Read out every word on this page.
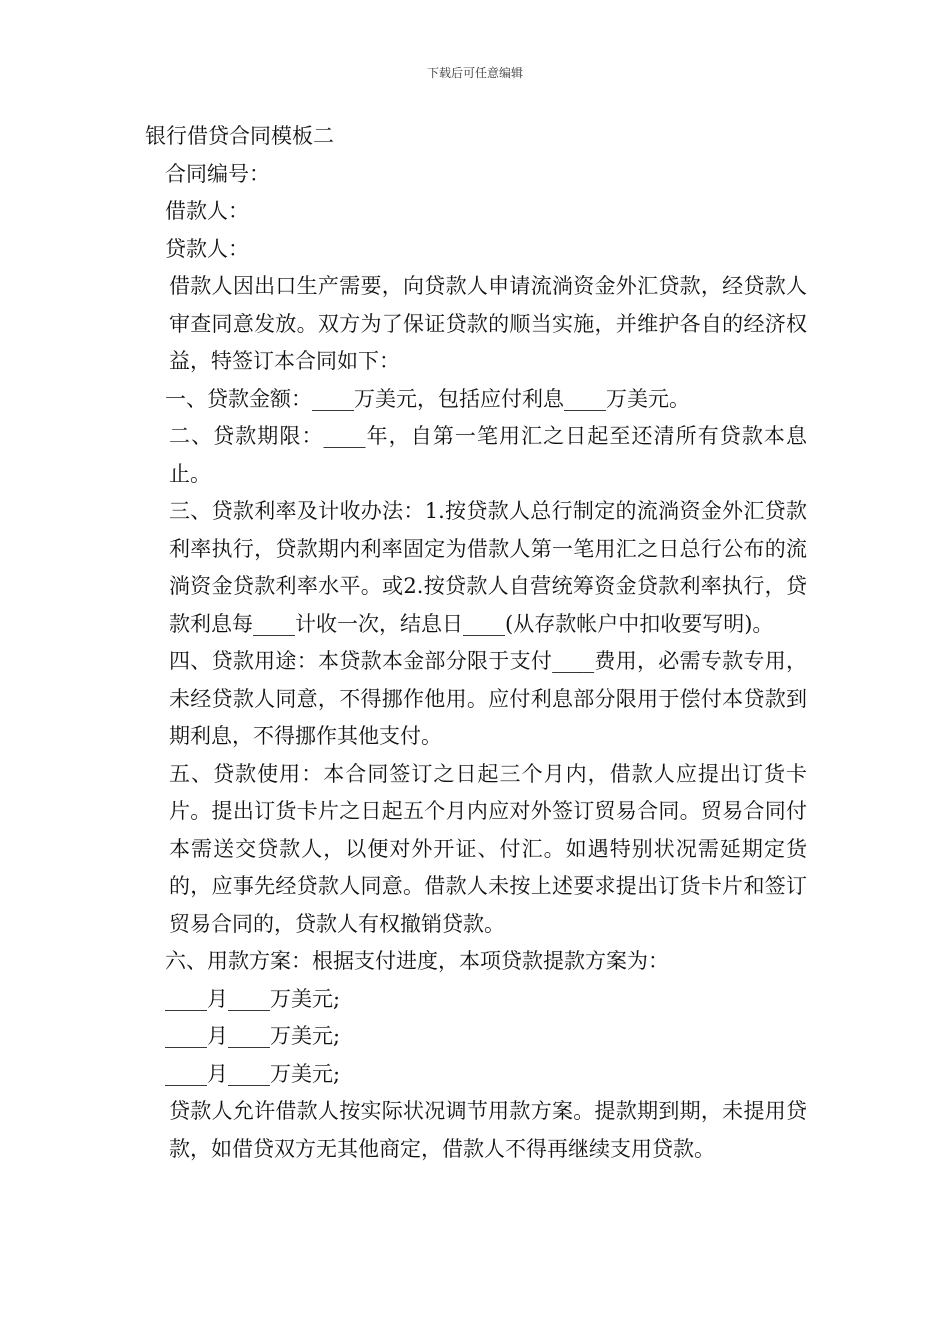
下载后可任意编辑

银行借贷合同模板二

合同编号：

借款人：

贷款人：

借款人因出口生产需要，向贷款人申请流淌资金外汇贷款，经贷款人审查同意发放。双方为了保证贷款的顺当实施，并维护各自的经济权益，特签订本合同如下：

一、贷款金额：____万美元，包括应付利息____万美元。

二、贷款期限：____年，自第一笔用汇之日起至还清所有贷款本息止。

三、贷款利率及计收办法：1.按贷款人总行制定的流淌资金外汇贷款利率执行，贷款期内利率固定为借款人第一笔用汇之日总行公布的流淌资金贷款利率水平。或2.按贷款人自营统筹资金贷款利率执行，贷款利息每____计收一次，结息日____(从存款帐户中扣收要写明)。

四、贷款用途：本贷款本金部分限于支付____费用，必需专款专用，未经贷款人同意，不得挪作他用。应付利息部分限用于偿付本贷款到期利息，不得挪作其他支付。

五、贷款使用：本合同签订之日起三个月内，借款人应提出订货卡片。提出订货卡片之日起五个月内应对外签订贸易合同。贸易合同付本需送交贷款人，以便对外开证、付汇。如遇特别状况需延期定货的，应事先经贷款人同意。借款人未按上述要求提出订货卡片和签订贸易合同的，贷款人有权撤销贷款。

六、用款方案：根据支付进度，本项贷款提款方案为：

____月____万美元;

____月____万美元;

____月____万美元;

贷款人允许借款人按实际状况调节用款方案。提款期到期，未提用贷款，如借贷双方无其他商定，借款人不得再继续支用贷款。
